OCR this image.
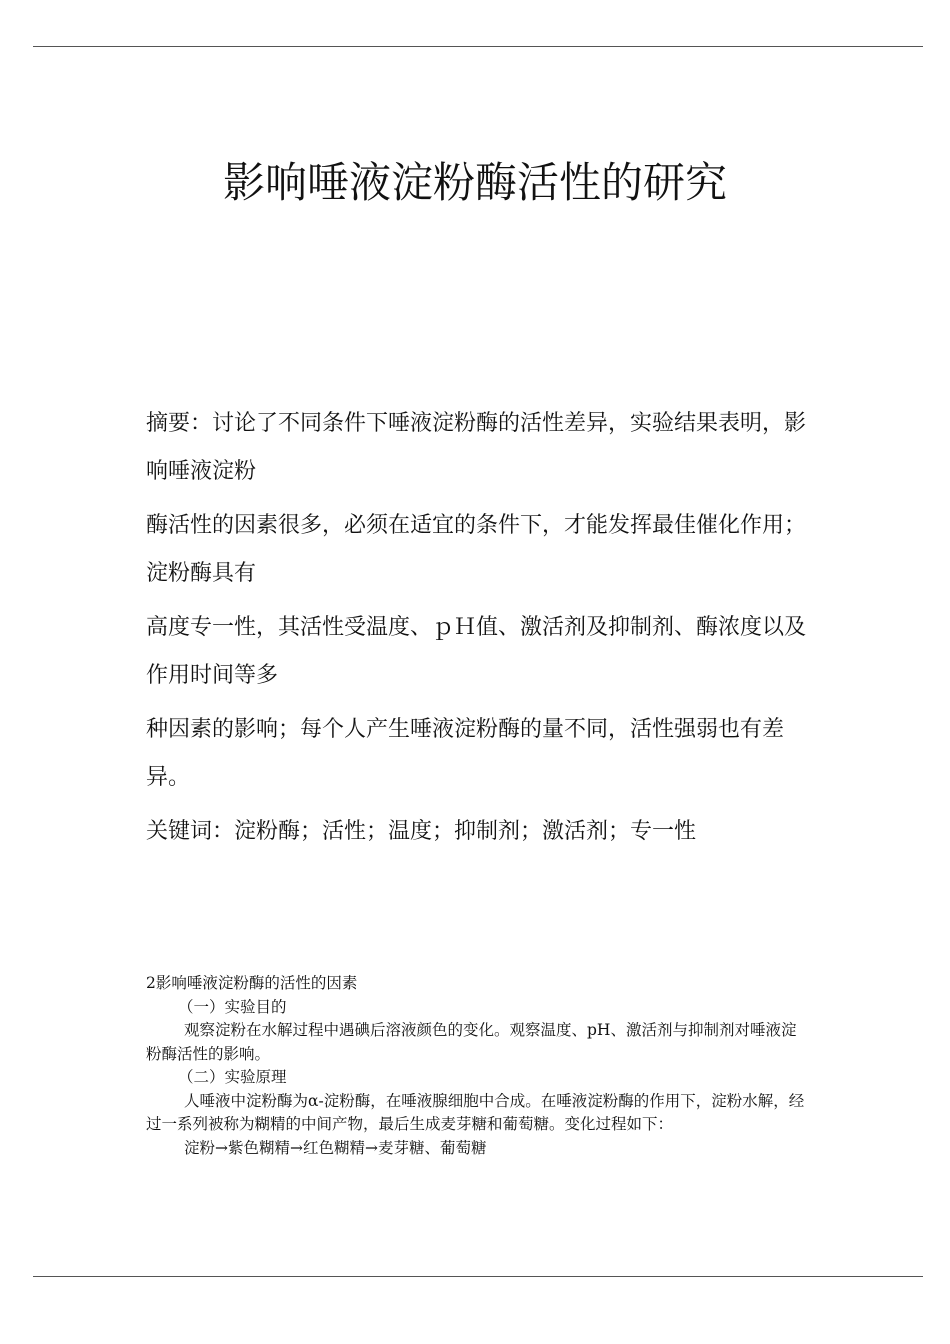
影响唾液淀粉酶活性的研究

摘要：讨论了不同条件下唾液淀粉酶的活性差异，实验结果表明，影响唾液淀粉

酶活性的因素很多，必须在适宜的条件下，才能发挥最佳催化作用；淀粉酶具有

高度专一性，其活性受温度、ｐＨ值、激活剂及抑制剂、酶浓度以及作用时间等多

种因素的影响；每个人产生唾液淀粉酶的量不同，活性强弱也有差异。

关键词：淀粉酶；活性；温度；抑制剂；激活剂；专一性

2影响唾液淀粉酶的活性的因素

（一）实验目的

观察淀粉在水解过程中遇碘后溶液颜色的变化。观察温度、pH、激活剂与抑制剂对唾液淀粉酶活性的影响。

（二）实验原理

人唾液中淀粉酶为α-淀粉酶，在唾液腺细胞中合成。在唾液淀粉酶的作用下，淀粉水解，经过一系列被称为糊精的中间产物，最后生成麦芽糖和葡萄糖。变化过程如下：

淀粉→紫色糊精→红色糊精→麦芽糖、葡萄糖
